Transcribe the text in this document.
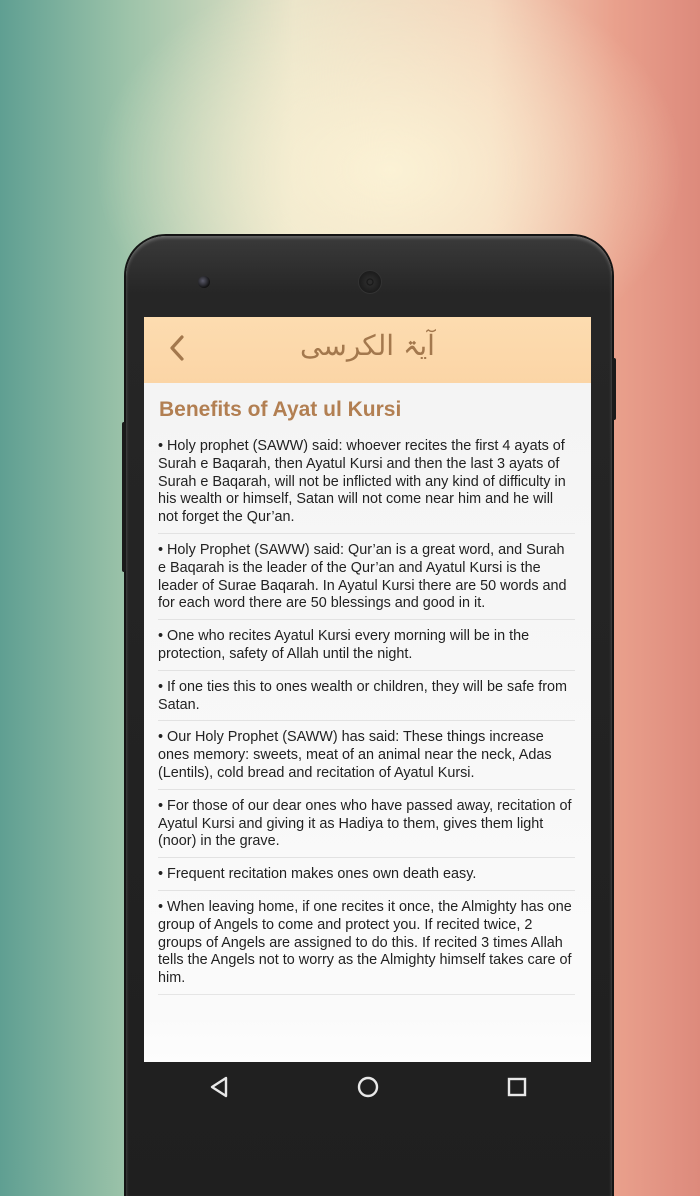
آیۃ الکرسی
Benefits of Ayat ul Kursi
• Holy prophet (SAWW) said: whoever recites the first 4 ayats of Surah e Baqarah, then Ayatul Kursi and then the last 3 ayats of Surah e Baqarah, will not be inflicted with any kind of difficulty in his wealth or himself, Satan will not come near him and he will not forget the Qur’an.
• Holy Prophet (SAWW) said: Qur’an is a great word, and Surah e Baqarah is the leader of the Qur’an and Ayatul Kursi is the leader of Surae Baqarah. In Ayatul Kursi there are 50 words and for each word there are 50 blessings and good in it.
• One who recites Ayatul Kursi every morning will be in the protection, safety of Allah until the night.
• If one ties this to ones wealth or children, they will be safe from Satan.
• Our Holy Prophet (SAWW) has said: These things increase ones memory: sweets, meat of an animal near the neck, Adas (Lentils), cold bread and recitation of Ayatul Kursi.
• For those of our dear ones who have passed away, recitation of Ayatul Kursi and giving it as Hadiya to them, gives them light (noor) in the grave.
• Frequent recitation makes ones own death easy.
• When leaving home, if one recites it once, the Almighty has one group of Angels to come and protect you. If recited twice, 2 groups of Angels are assigned to do this. If recited 3 times Allah tells the Angels not to worry as the Almighty himself takes care of him.
